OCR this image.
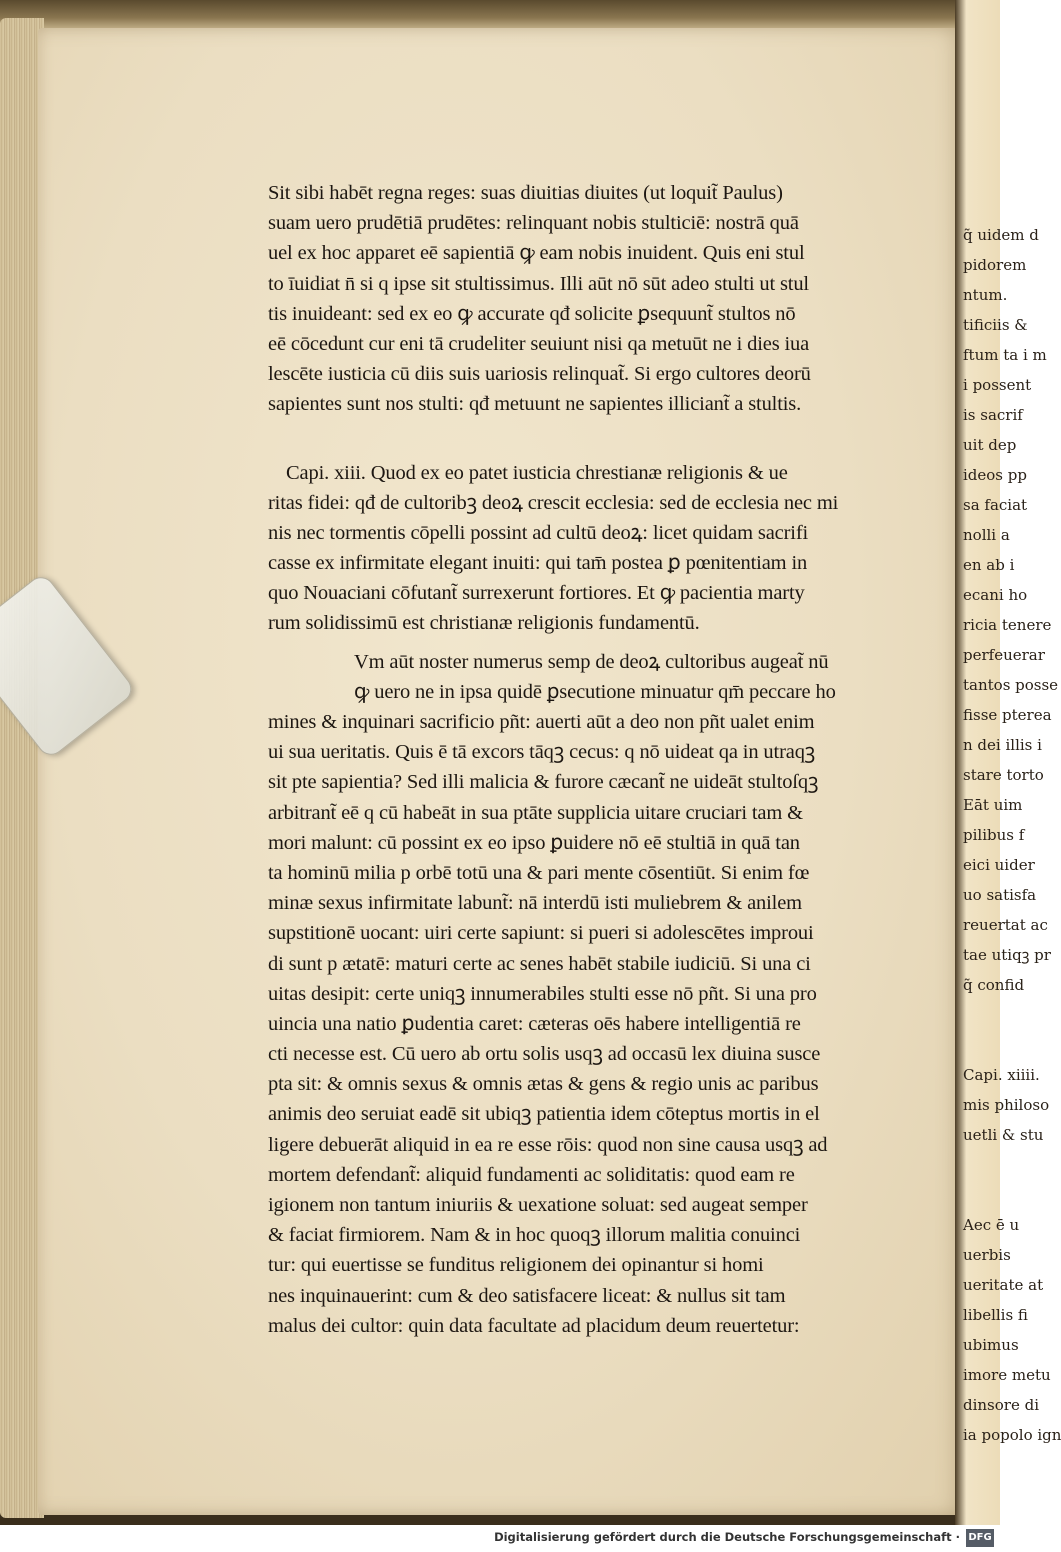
q̃ uidem d
pidorem
ntum.
tificiis &
ftum ta i m
i possent
is sacrif
uit dep
ideos pp
sa faciat
nolli a
en ab i
ecani ho
ricia tenere
perfeuerar
tantos posse
fisse pterea
n dei illis i
stare torto
Eāt uim
pilibus f
eici uider
uo satisfa
reuertat ac
tae utiqꝫ pr
q̃ confid
Capi. xiiii.
mis philoso
uetli & stu
Aec ē u
uerbis
ueritate at
libellis fi
ubimus
imore metu
dinsore di
ia popolo ign
Sit sibi habēt regna reges: suas diuitias diuites (ut loquit̃ Paulus)
suam uero prudētiā prudētes: relinquant nobis stulticiē: nostrā quā
uel ex hoc apparet eē sapientiā ꝙ eam nobis inuident. Quis eni stul
to īuidiat n̄ si q ipse sit stultissimus. Illi aūt nō sūt adeo stulti ut stul
tis inuideant: sed ex eo ꝙ accurate qđ solicite ꝑsequunt̃ stultos nō
eē cōcedunt cur eni tā crudeliter seuiunt nisi qa metuūt ne i dies iua
lescēte iusticia cū diis suis uariosis relinquat̃. Si ergo cultores deorū
sapientes sunt nos stulti: qđ metuunt ne sapientes illiciant̃ a stultis.
Capi. xiii. Quod ex eo patet iusticia chrestianæ religionis & ue
ritas fidei: qđ de cultoribꝫ deoꝝ crescit ecclesia: sed de ecclesia nec mi
nis nec tormentis cōpelli possint ad cultū deoꝝ: licet quidam sacrifi
casse ex infirmitate elegant inuiti: qui tam̄ postea ꝑ pœnitentiam in
quo Nouaciani cōfutant̃ surrexerunt fortiores. Et ꝙ pacientia marty
rum solidissimū est christianæ religionis fundamentū.
Vm aūt noster numerus semp de deoꝝ cultoribus augeat̃ nū
ꝙ uero ne in ipsa quidē ꝑsecutione minuatur qm̄ peccare ho
mines & inquinari sacrificio pñt: auerti aūt a deo non pñt ualet enim
ui sua ueritatis. Quis ē tā excors tāqꝫ cecus: q nō uideat qa in utraqꝫ
sit pte sapientia? Sed illi malicia & furore cæcant̃ ne uideāt stultoſqꝫ
arbitrant̃ eē q cū habeāt in sua ptāte supplicia uitare cruciari tam &
mori malunt: cū possint ex eo ipso ꝑuidere nō eē stultiā in quā tan
ta hominū milia p orbē totū una & pari mente cōsentiūt. Si enim fœ
minæ sexus infirmitate labunt̃: nā interdū isti muliebrem & anilem
supstitionē uocant: uiri certe sapiunt: si pueri si adolescētes improui
di sunt p ætatē: maturi certe ac senes habēt stabile iudiciū. Si una ci
uitas desipit: certe uniqꝫ innumerabiles stulti esse nō pñt. Si una pro
uincia una natio ꝑudentia caret: cæteras oēs habere intelligentiā re
cti necesse est. Cū uero ab ortu solis usqꝫ ad occasū lex diuina susce
pta sit: & omnis sexus & omnis ætas & gens & regio unis ac paribus
animis deo seruiat eadē sit ubiqꝫ patientia idem cōteptus mortis in el
ligere debuerāt aliquid in ea re esse rōis: quod non sine causa usqꝫ ad
mortem defendant̃: aliquid fundamenti ac soliditatis: quod eam re
igionem non tantum iniuriis & uexatione soluat: sed augeat semper
& faciat firmiorem. Nam & in hoc quoqꝫ illorum malitia conuinci
tur: qui euertisse se funditus religionem dei opinantur si homi
nes inquinauerint: cum & deo satisfacere liceat: & nullus sit tam
malus dei cultor: quin data facultate ad placidum deum reuertetur:
Digitalisierung gefördert durch die Deutsche Forschungsgemeinschaft · DFG
